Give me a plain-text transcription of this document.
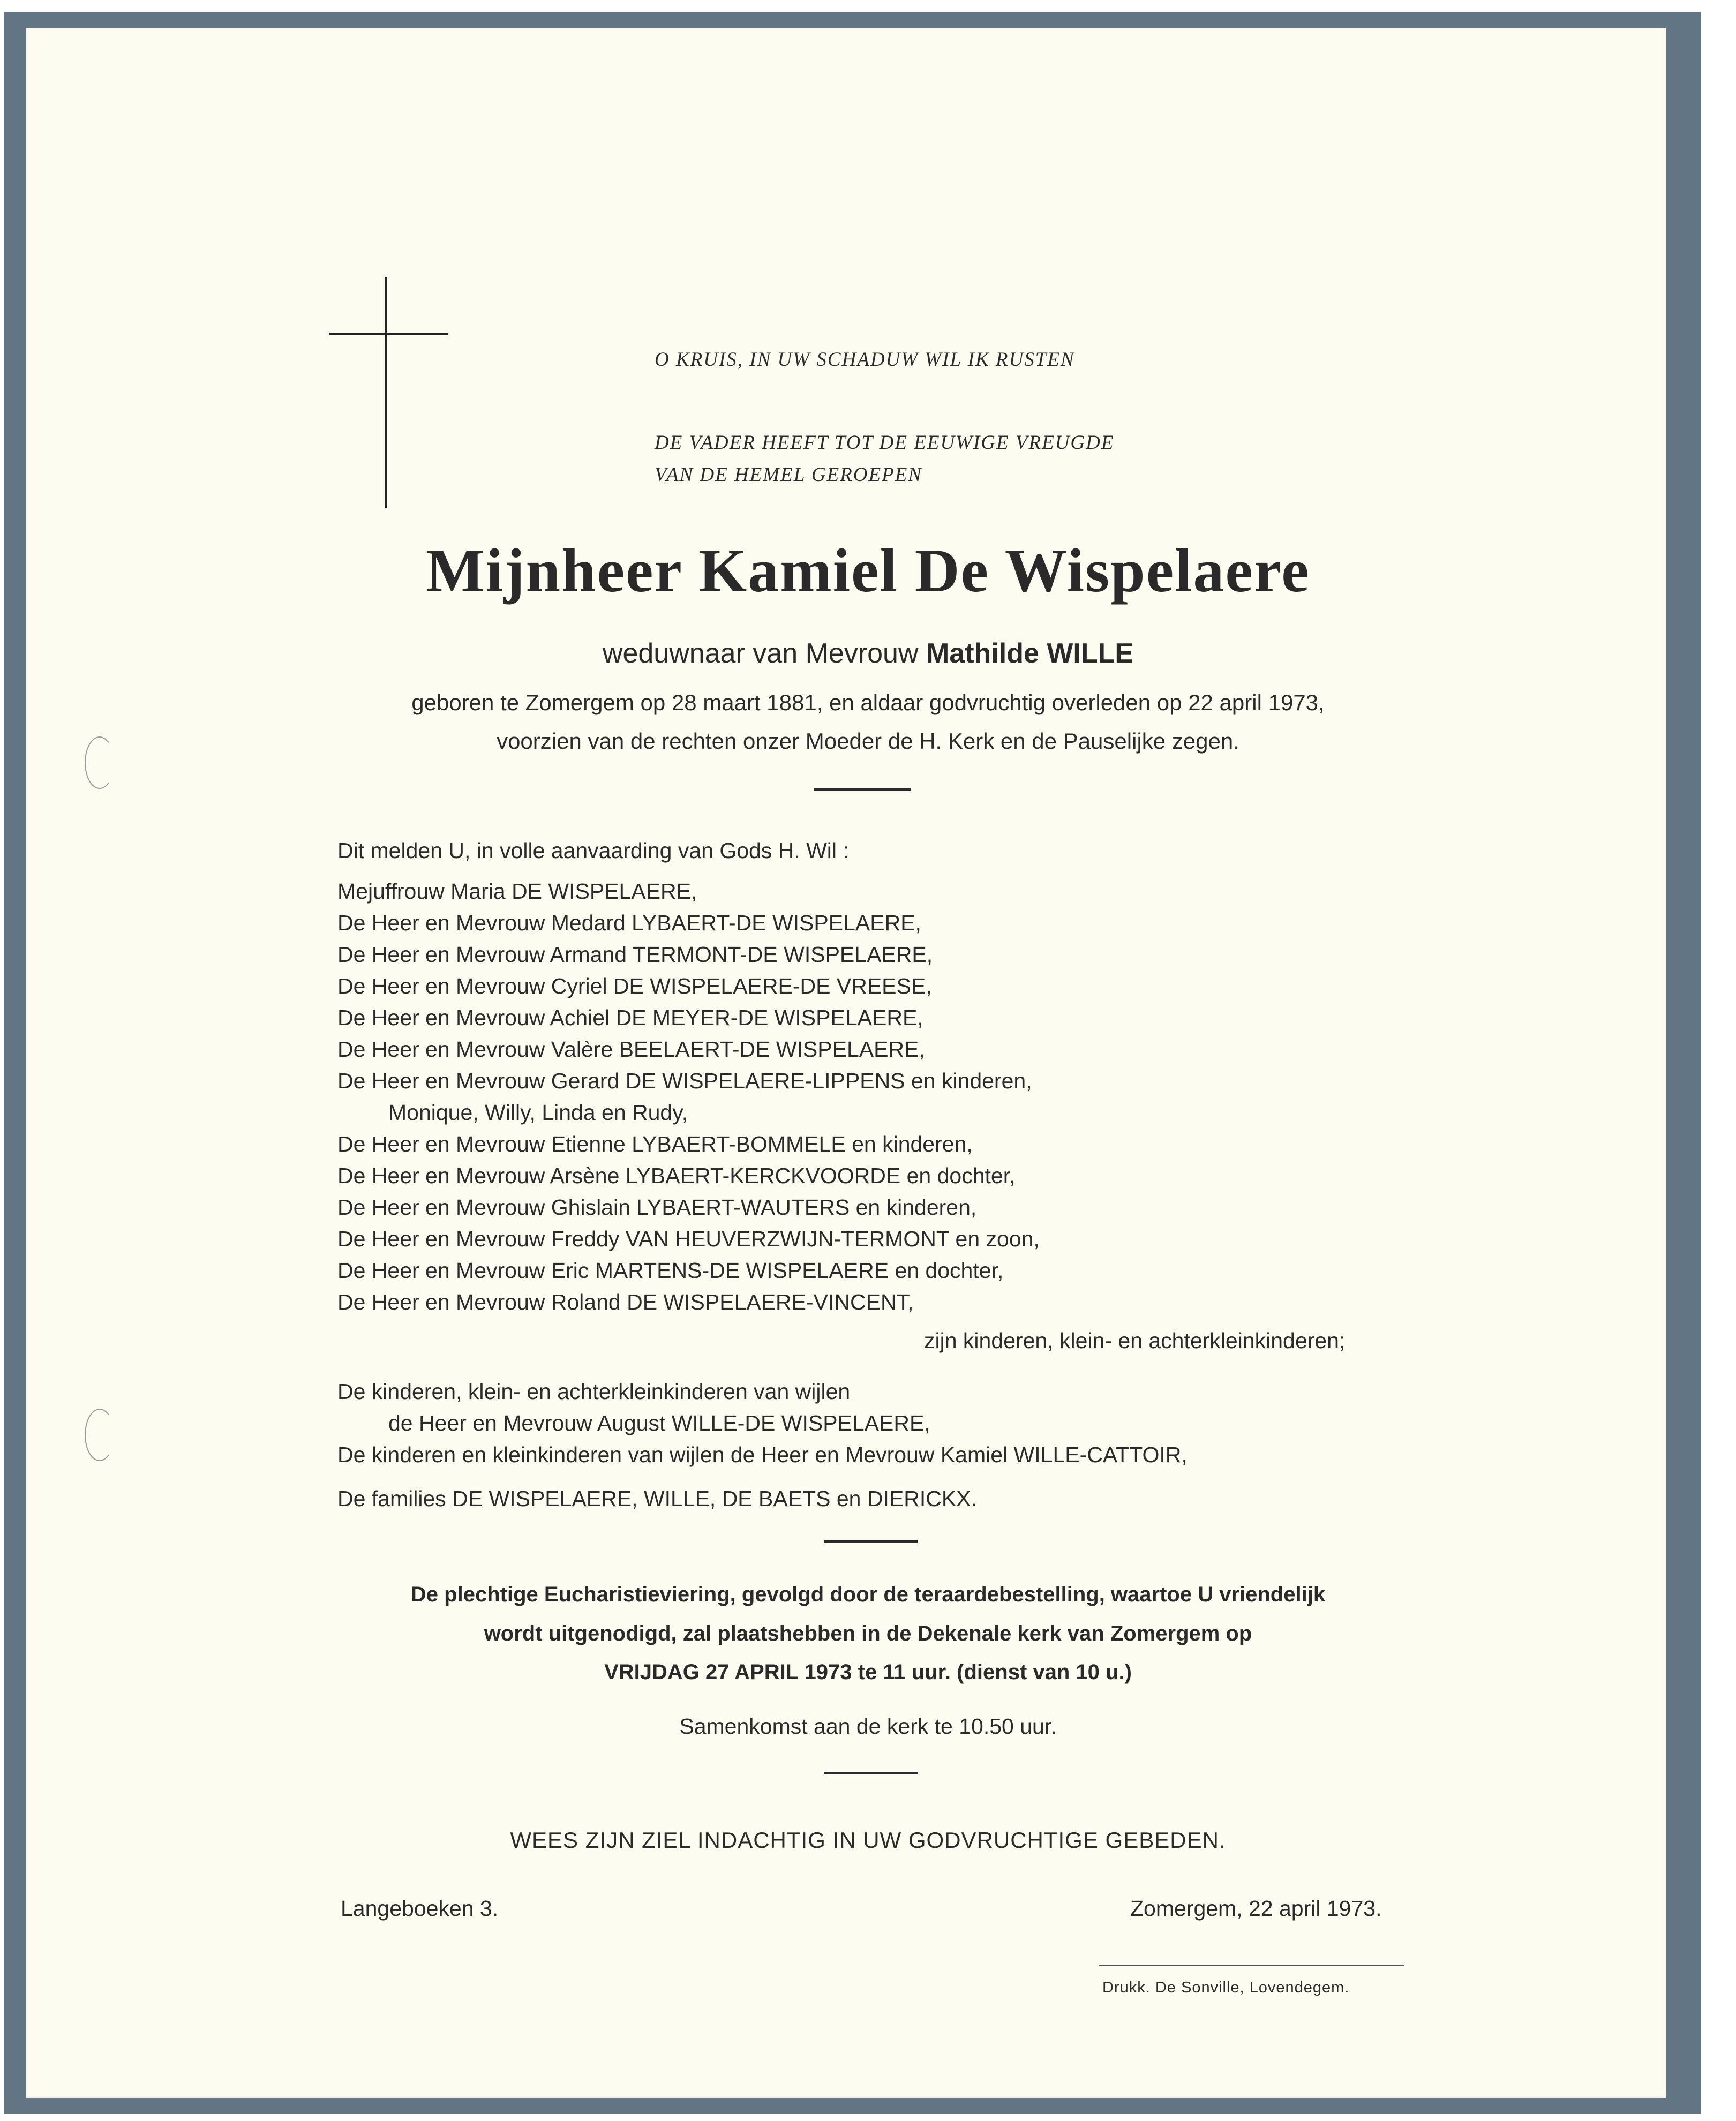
O KRUIS, IN UW SCHADUW WIL IK RUSTEN
DE VADER HEEFT TOT DE EEUWIGE VREUGDE
VAN DE HEMEL GEROEPEN
Mijnheer Kamiel De Wispelaere
weduwnaar van Mevrouw Mathilde WILLE
geboren te Zomergem op 28 maart 1881, en aldaar godvruchtig overleden op 22 april 1973,
voorzien van de rechten onzer Moeder de H. Kerk en de Pauselijke zegen.
Dit melden U, in volle aanvaarding van Gods H. Wil :
Mejuffrouw Maria DE WISPELAERE,
De Heer en Mevrouw Medard LYBAERT-DE WISPELAERE,
De Heer en Mevrouw Armand TERMONT-DE WISPELAERE,
De Heer en Mevrouw Cyriel DE WISPELAERE-DE VREESE,
De Heer en Mevrouw Achiel DE MEYER-DE WISPELAERE,
De Heer en Mevrouw Valère BEELAERT-DE WISPELAERE,
De Heer en Mevrouw Gerard DE WISPELAERE-LIPPENS en kinderen,
Monique, Willy, Linda en Rudy,
De Heer en Mevrouw Etienne LYBAERT-BOMMELE en kinderen,
De Heer en Mevrouw Arsène LYBAERT-KERCKVOORDE en dochter,
De Heer en Mevrouw Ghislain LYBAERT-WAUTERS en kinderen,
De Heer en Mevrouw Freddy VAN HEUVERZWIJN-TERMONT en zoon,
De Heer en Mevrouw Eric MARTENS-DE WISPELAERE en dochter,
De Heer en Mevrouw Roland DE WISPELAERE-VINCENT,
zijn kinderen, klein- en achterkleinkinderen;
De kinderen, klein- en achterkleinkinderen van wijlen
de Heer en Mevrouw August WILLE-DE WISPELAERE,
De kinderen en kleinkinderen van wijlen de Heer en Mevrouw Kamiel WILLE-CATTOIR,
De families DE WISPELAERE, WILLE, DE BAETS en DIERICKX.
De plechtige Eucharistieviering, gevolgd door de teraardebestelling, waartoe U vriendelijk
wordt uitgenodigd, zal plaatshebben in de Dekenale kerk van Zomergem op
VRIJDAG 27 APRIL 1973 te 11 uur. (dienst van 10 u.)
Samenkomst aan de kerk te 10.50 uur.
WEES ZIJN ZIEL INDACHTIG IN UW GODVRUCHTIGE GEBEDEN.
Langeboeken 3.	Zomergem, 22 april 1973.
Drukk. De Sonville, Lovendegem.
